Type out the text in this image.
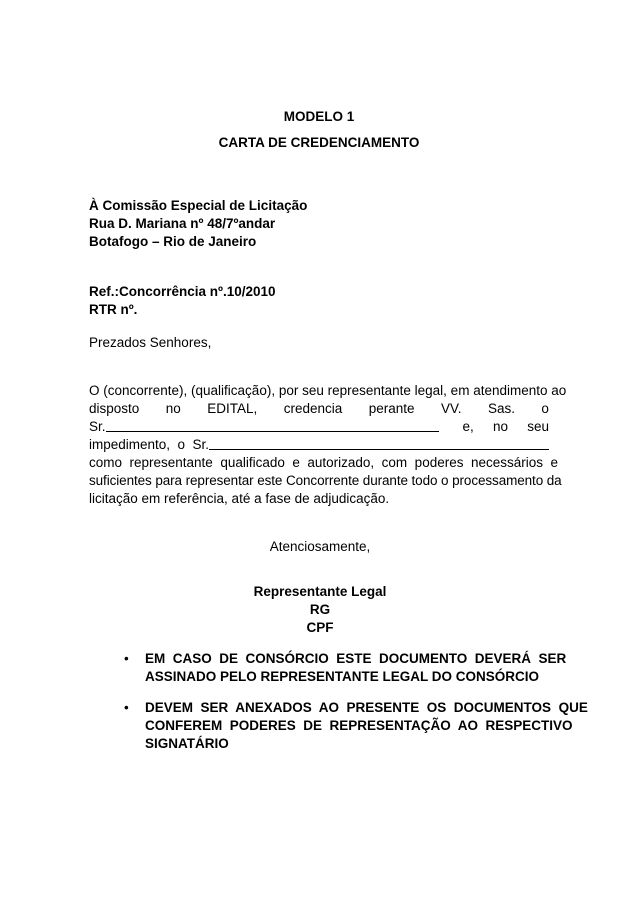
MODELO 1
CARTA DE CREDENCIAMENTO
À Comissão Especial de Licitação
Rua D. Mariana nº 48/7ºandar
Botafogo – Rio de Janeiro
Ref.:Concorrência nº.10/2010
RTR nº.
Prezados Senhores,
O (concorrente), (qualificação), por seu representante legal, em atendimento ao
disposto no EDITAL, credencia perante VV. Sas. o
Sr.	e, no seu
impedimento,  o  Sr.
como  representante  qualificado  e  autorizado,  com  poderes  necessários  e
suficientes para representar este Concorrente durante todo o processamento da
licitação em referência, até a fase de adjudicação.
Atenciosamente,
Representante Legal
RG
CPF
• EM  CASO  DE  CONSÓRCIO  ESTE  DOCUMENTO  DEVERÁ  SER
ASSINADO PELO REPRESENTANTE LEGAL DO CONSÓRCIO
• DEVEM  SER  ANEXADOS  AO  PRESENTE  OS  DOCUMENTOS  QUE
CONFEREM  PODERES  DE  REPRESENTAÇÃO  AO  RESPECTIVO
SIGNATÁRIO
